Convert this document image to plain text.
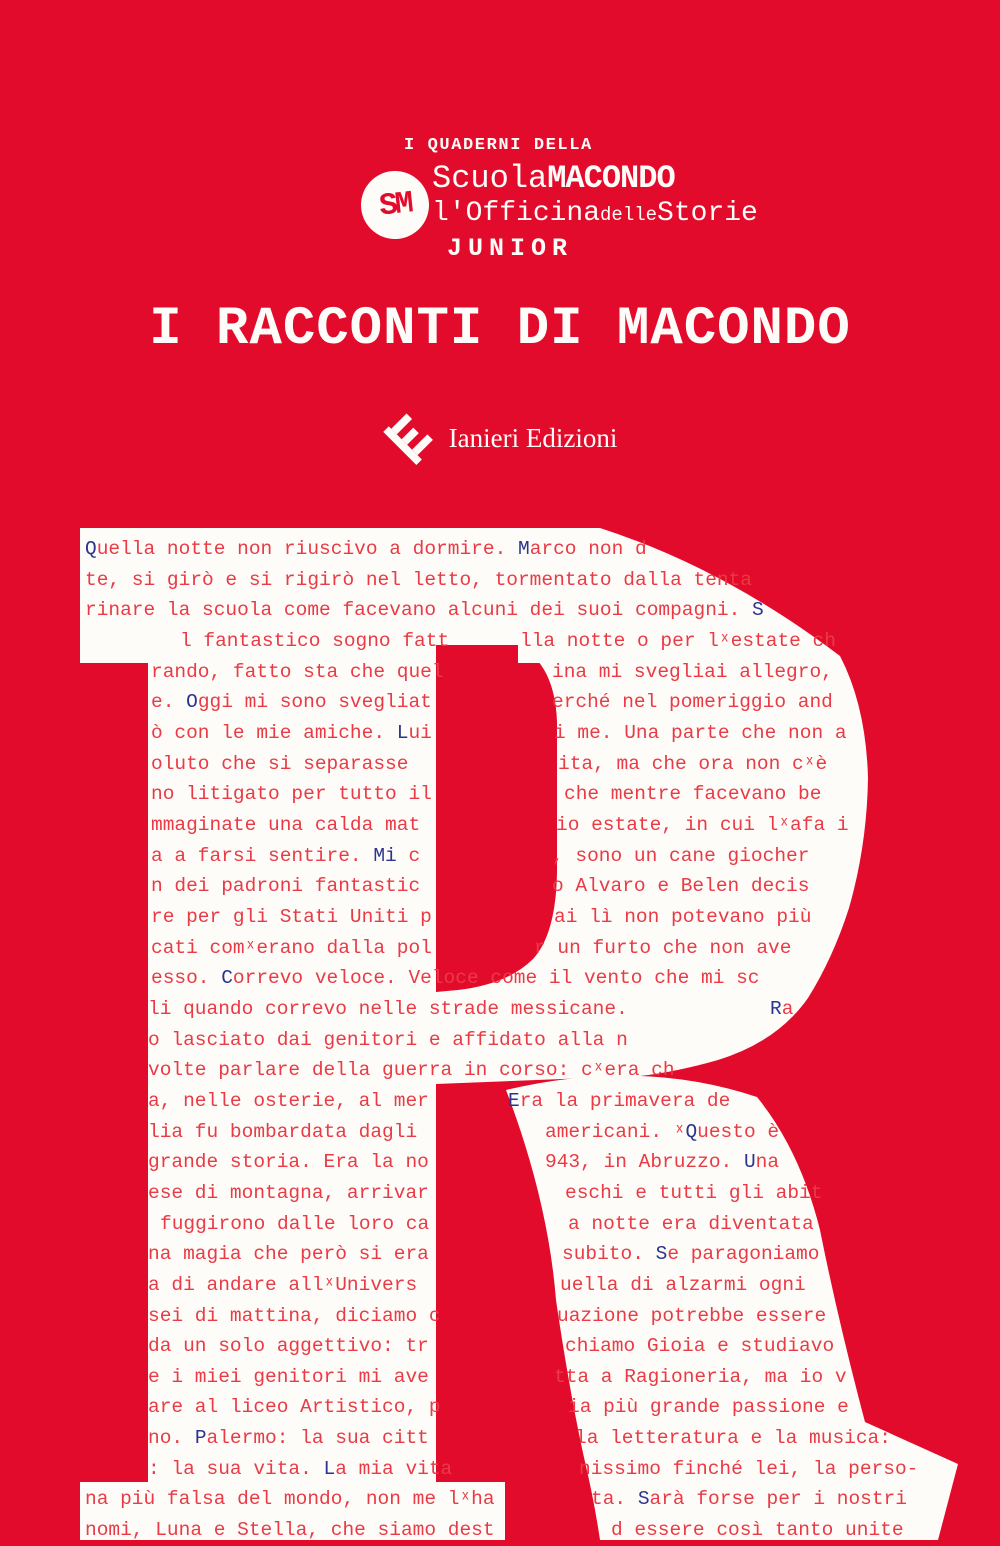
I QUADERNI DELLA
SM
ScuolaMACONDO
l'OfficinadelleStorie
JUNIOR
I RACCONTI DI MACONDO
Ianieri Edizioni
Quella notte non riuscivo a dormire. Marco non d
te, si girò e si rigirò nel letto, tormentato dalla tenta
rinare la scuola come facevano alcuni dei suoi compagni. S
l fantastico sogno fatt	lla notte o per lˣestate ch
rando, fatto sta che quel	ina mi svegliai allegro,
e. Oggi mi sono svegliat	erché nel pomeriggio and
ò con le mie amiche. Lui	i me. Una parte che non a
oluto che si separasse	ita, ma che ora non cˣè
no litigato per tutto il	che mentre facevano be
mmaginate una calda mat	io estate, in cui lˣafa i
a a farsi sentire. Mi c	, sono un cane giocher
n dei padroni fantastic	o Alvaro e Belen decis
re per gli Stati Uniti p	ai lì non potevano più
cati comˣerano dalla pol	r un furto che non ave
esso. Correvo veloce. Veloce come il vento che mi sc
li quando correvo nelle strade messicane.	Ra
o lasciato dai genitori e affidato alla n
volte parlare della guerra in corso: cˣera ch
a, nelle osterie, al mer	Era la primavera de
lia fu bombardata dagli	americani. ˣQuesto è
grande storia. Era la no	943, in Abruzzo. Una
ese di montagna, arrivar	eschi e tutti gli abit
fuggirono dalle loro ca	a notte era diventata
na magia che però si era	subito. Se paragoniamo
a di andare allˣUnivers	uella di alzarmi ogni
sei di mattina, diciamo c	uazione potrebbe essere
da un solo aggettivo: tr	chiamo Gioia e studiavo
e i miei genitori mi ave	tta a Ragioneria, ma io v
are al liceo Artistico, p	ia più grande passione e
no. Palermo: la sua citt	la letteratura e la musica:
: la sua vita. La mia vita	nissimo finché lei, la perso-
na più falsa del mondo, non me lˣha	ta. Sarà forse per i nostri
nomi, Luna e Stella, che siamo dest	d essere così tanto unite
